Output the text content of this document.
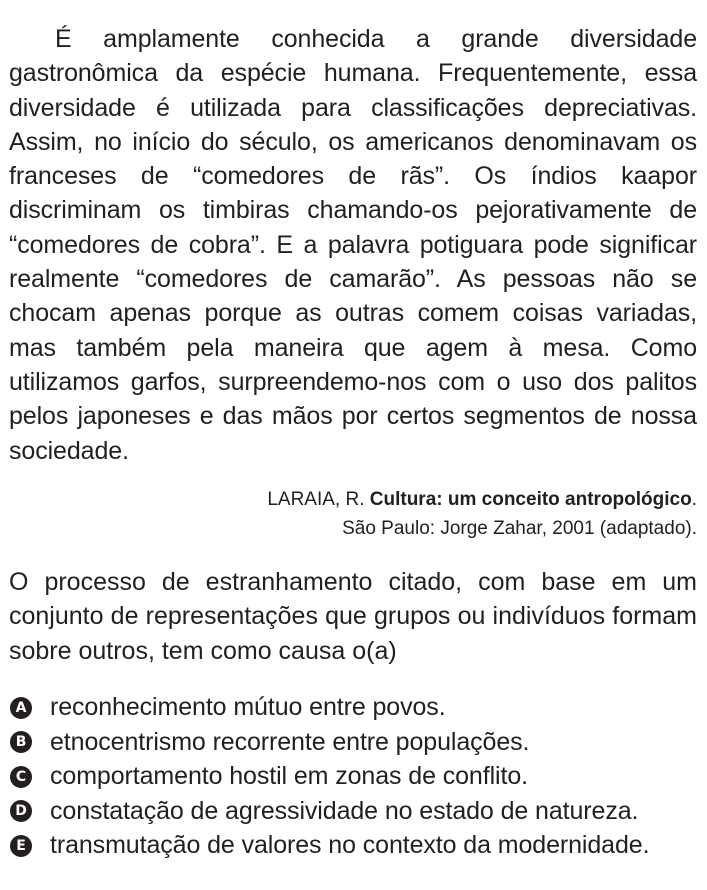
É amplamente conhecida a grande diversidade gastronômica da espécie humana. Frequentemente, essa diversidade é utilizada para classificações depreciativas. Assim, no início do século, os americanos denominavam os franceses de “comedores de rãs”. Os índios kaapor discriminam os timbiras chamando-os pejorativamente de “comedores de cobra”. E a palavra potiguara pode significar realmente “comedores de camarão”. As pessoas não se chocam apenas porque as outras comem coisas variadas, mas também pela maneira que agem à mesa. Como utilizamos garfos, surpreendemo-nos com o uso dos palitos pelos japoneses e das mãos por certos segmentos de nossa sociedade.

LARAIA, R. Cultura: um conceito antropológico.
São Paulo: Jorge Zahar, 2001 (adaptado).

O processo de estranhamento citado, com base em um conjunto de representações que grupos ou indivíduos formam sobre outros, tem como causa o(a)

A reconhecimento mútuo entre povos.
B etnocentrismo recorrente entre populações.
C comportamento hostil em zonas de conflito.
D constatação de agressividade no estado de natureza.
E transmutação de valores no contexto da modernidade.
